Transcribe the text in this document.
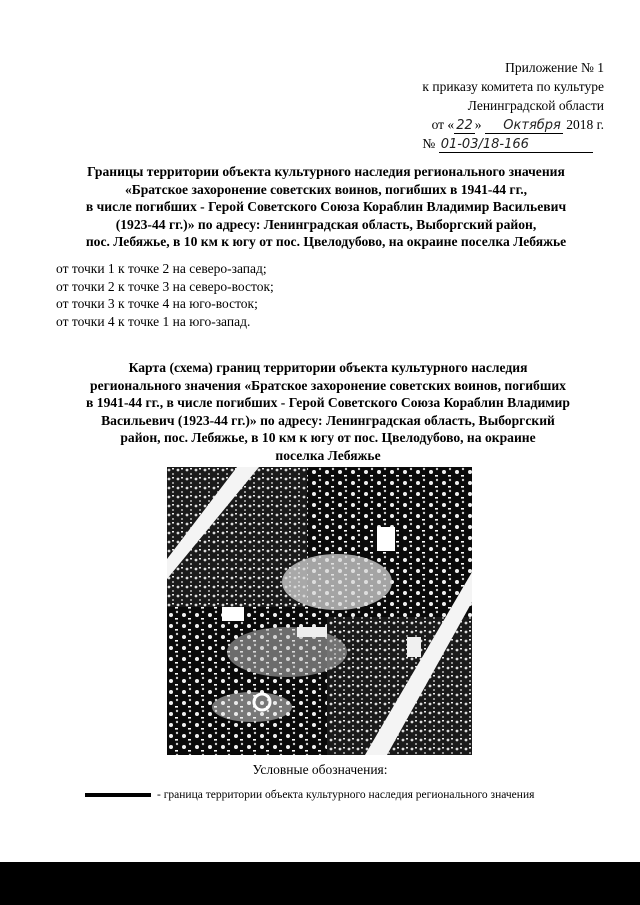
Приложение № 1
к приказу комитета по культуре
Ленинградской области
от « 22 » Октября 2018 г.
№ 01-03/18-166
Границы территории объекта культурного наследия регионального значения
«Братское захоронение советских воинов, погибших в 1941-44 гг.,
в числе погибших - Герой Советского Союза Кораблин Владимир Васильевич
(1923-44 гг.)» по адресу: Ленинградская область, Выборгский район,
пос. Лебяжье, в 10 км к югу от пос. Цвелодубово, на окраине поселка Лебяжье
от точки 1 к точке 2 на северо-запад;
от точки 2 к точке 3 на северо-восток;
от точки 3 к точке 4 на юго-восток;
от точки 4 к точке 1 на юго-запад.
Карта (схема) границ территории объекта культурного наследия
регионального значения «Братское захоронение советских воинов, погибших
в 1941-44 гг., в числе погибших - Герой Советского Союза Кораблин Владимир
Васильевич (1923-44 гг.)» по адресу: Ленинградская область, Выборгский
район, пос. Лебяжье, в 10 км к югу от пос. Цвелодубово, на окраине
поселка Лебяжье
Условные обозначения:
- граница территории объекта культурного наследия регионального значения
